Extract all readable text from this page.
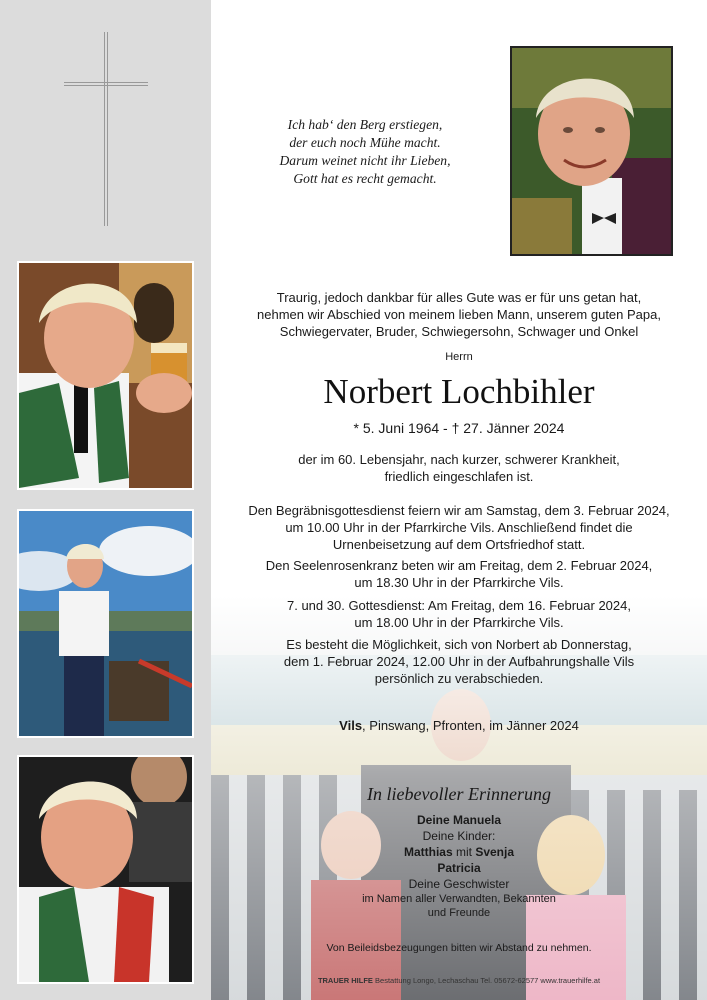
Ich hab‘ den Berg erstiegen,
der euch noch Mühe macht.
Darum weinet nicht ihr Lieben,
Gott hat es recht gemacht.
Traurig, jedoch dankbar für alles Gute was er für uns getan hat,
nehmen wir Abschied von meinem lieben Mann, unserem guten Papa,
Schwiegervater, Bruder, Schwiegersohn, Schwager und Onkel
Herrn
Norbert Lochbihler
* 5. Juni 1964 - † 27. Jänner 2024
der im 60. Lebensjahr, nach kurzer, schwerer Krankheit,
friedlich eingeschlafen ist.
Den Begräbnisgottesdienst feiern wir am Samstag, dem 3. Februar 2024,
um 10.00 Uhr in der Pfarrkirche Vils. Anschließend findet die
Urnenbeisetzung auf dem Ortsfriedhof statt.
Den Seelenrosenkranz beten wir am Freitag, dem 2. Februar 2024,
um 18.30 Uhr in der Pfarrkirche Vils.
7. und 30. Gottesdienst: Am Freitag, dem 16. Februar 2024,
um 18.00 Uhr in der Pfarrkirche Vils.
Es besteht die Möglichkeit, sich von Norbert ab Donnerstag,
dem 1. Februar 2024, 12.00 Uhr in der Aufbahrungshalle Vils
persönlich zu verabschieden.
Vils, Pinswang, Pfronten, im Jänner 2024
In liebevoller Erinnerung
Deine Manuela
Deine Kinder:
Matthias mit Svenja
Patricia
Deine Geschwister
im Namen aller Verwandten, Bekannten
und Freunde
Von Beileidsbezeugungen bitten wir Abstand zu nehmen.
TRAUER HILFE Bestattung Longo, Lechaschau Tel. 05672-62577 www.trauerhilfe.at
